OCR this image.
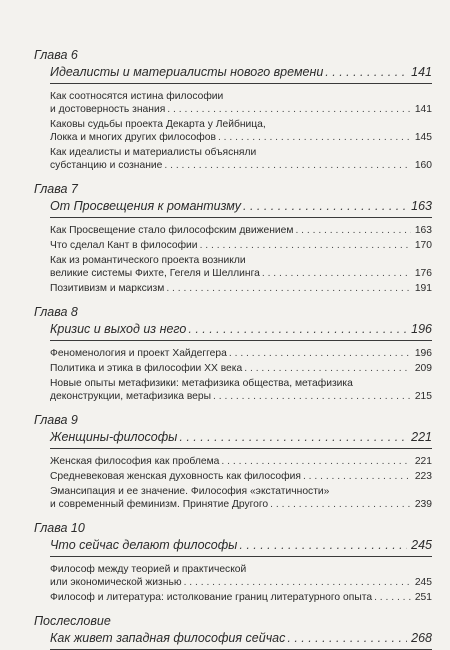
Глава 6
Идеалисты и материалисты нового времени . . .	141
Как соотносятся истина философии
и достоверность знания . . .	141
Каковы судьбы проекта Декарта у Лейбница,
Локка и многих других философов . . .	145
Как идеалисты и материалисты объясняли
субстанцию и сознание . . .	160
Глава 7
От Просвещения к романтизму . . .	163
Как Просвещение стало философским движением . . .	163
Что сделал Кант в философии . . .	170
Как из романтического проекта возникли
великие системы Фихте, Гегеля и Шеллинга . . .	176
Позитивизм и марксизм . . .	191
Глава 8
Кризис и выход из него . . .	196
Феноменология и проект Хайдеггера . . .	196
Политика и этика в философии XX века . . .	209
Новые опыты метафизики: метафизика общества, метафизика
деконструкции, метафизика веры . . .	215
Глава 9
Женщины-философы . . .	221
Женская философия как проблема . . .	221
Средневековая женская духовность как философия . . .	223
Эмансипация и ее значение. Философия «экстатичности»
и современный феминизм. Принятие Другого . . .	239
Глава 10
Что сейчас делают философы . . .	245
Философ между теорией и практической
или экономической жизнью . . .	245
Философ и литература: истолкование границ литературного опыта . . .	251
Послесловие
Как живет западная философия сейчас . . .	268
